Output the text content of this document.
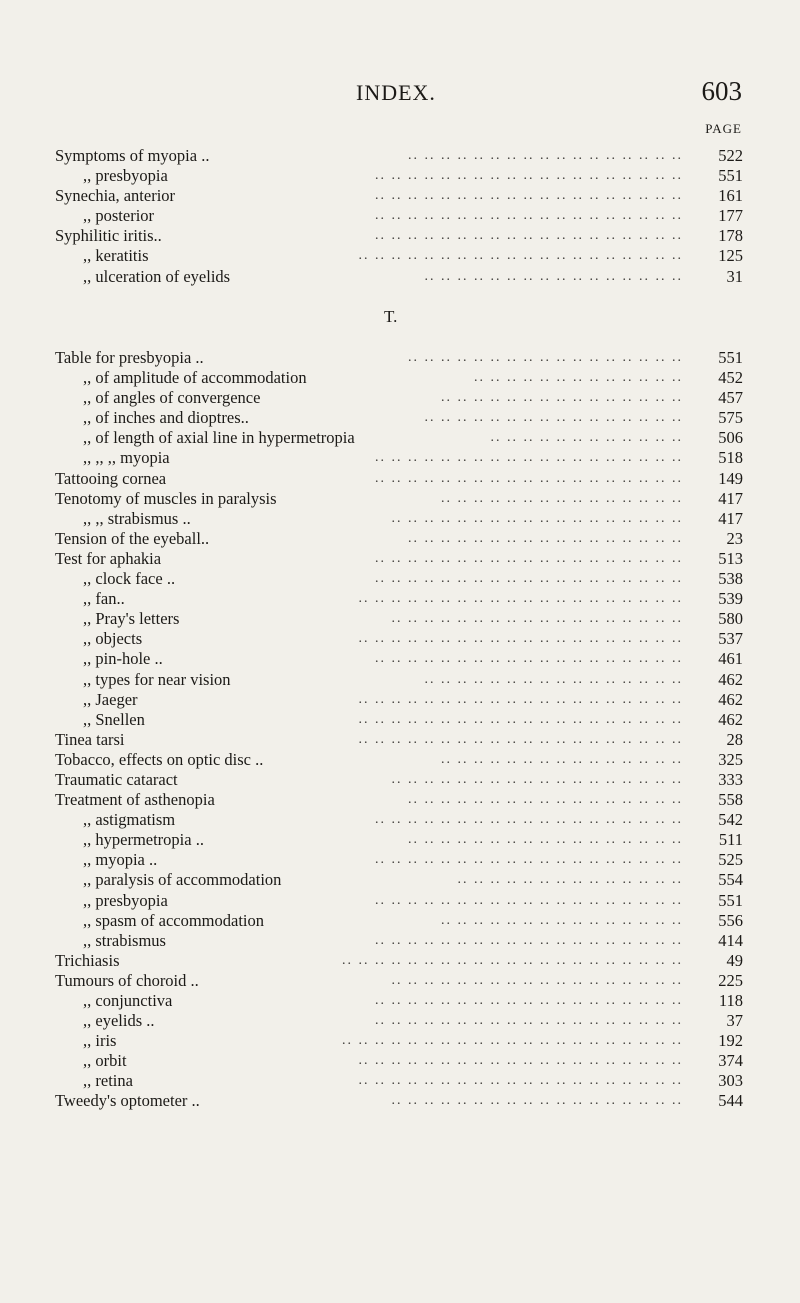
INDEX.	603
PAGE
Symptoms of myopia ..	.. .. .. .. .. .. .. .. .. .. .. .. .. .. .. .. .. 522
,, presbyopia	.. .. .. .. .. .. .. .. .. .. .. .. .. .. .. .. .. .. .. 551
Synechia, anterior	.. .. .. .. .. .. .. .. .. .. .. .. .. .. .. .. .. .. .. 161
,, posterior	.. .. .. .. .. .. .. .. .. .. .. .. .. .. .. .. .. .. .. 177
Syphilitic iritis..	.. .. .. .. .. .. .. .. .. .. .. .. .. .. .. .. .. .. .. 178
,, keratitis	.. .. .. .. .. .. .. .. .. .. .. .. .. .. .. .. .. .. .. .. 125
,, ulceration of eyelids	.. .. .. .. .. .. .. .. .. .. .. .. .. .. .. ..	31
T.
Table for presbyopia ..	.. .. .. .. .. .. .. .. .. .. .. .. .. .. .. .. .. 551
,, of amplitude of accommodation	.. .. .. .. .. .. .. .. .. .. .. .. .. 452
,, of angles of convergence	.. .. .. .. .. .. .. .. .. .. .. .. .. .. .. 457
,, of inches and dioptres..	.. .. .. .. .. .. .. .. .. .. .. .. .. .. .. .. 575
,, of length of axial line in hypermetropia	.. .. .. .. .. .. .. .. .. .. .. .. 506
,, ,, ,, myopia	.. .. .. .. .. .. .. .. .. .. .. .. .. .. .. .. .. .. .. 518
Tattooing cornea	.. .. .. .. .. .. .. .. .. .. .. .. .. .. .. .. .. .. .. 149
Tenotomy of muscles in paralysis	.. .. .. .. .. .. .. .. .. .. .. .. .. .. .. 417
,, ,, strabismus ..	.. .. .. .. .. .. .. .. .. .. .. .. .. .. .. .. .. .. 417
Tension of the eyeball..	.. .. .. .. .. .. .. .. .. .. .. .. .. .. .. .. ..	23
Test for aphakia	.. .. .. .. .. .. .. .. .. .. .. .. .. .. .. .. .. .. .. 513
,, clock face ..	.. .. .. .. .. .. .. .. .. .. .. .. .. .. .. .. .. .. .. 538
,, fan..	.. .. .. .. .. .. .. .. .. .. .. .. .. .. .. .. .. .. .. .. 539
,, Pray's letters	.. .. .. .. .. .. .. .. .. .. .. .. .. .. .. .. .. .. 580
,, objects	.. .. .. .. .. .. .. .. .. .. .. .. .. .. .. .. .. .. .. .. 537
,, pin-hole ..	.. .. .. .. .. .. .. .. .. .. .. .. .. .. .. .. .. .. .. 461
,, types for near vision	.. .. .. .. .. .. .. .. .. .. .. .. .. .. .. .. 462
,, Jaeger	.. .. .. .. .. .. .. .. .. .. .. .. .. .. .. .. .. .. .. .. 462
,, Snellen	.. .. .. .. .. .. .. .. .. .. .. .. .. .. .. .. .. .. .. .. 462
Tinea tarsi	.. .. .. .. .. .. .. .. .. .. .. .. .. .. .. .. .. .. .. ..	28
Tobacco, effects on optic disc ..	.. .. .. .. .. .. .. .. .. .. .. .. .. .. .. 325
Traumatic cataract	.. .. .. .. .. .. .. .. .. .. .. .. .. .. .. .. .. .. 333
Treatment of asthenopia	.. .. .. .. .. .. .. .. .. .. .. .. .. .. .. .. .. 558
,, astigmatism	.. .. .. .. .. .. .. .. .. .. .. .. .. .. .. .. .. .. .. 542
,, hypermetropia ..	.. .. .. .. .. .. .. .. .. .. .. .. .. .. .. .. .. 511
,, myopia ..	.. .. .. .. .. .. .. .. .. .. .. .. .. .. .. .. .. .. .. 525
,, paralysis of accommodation	.. .. .. .. .. .. .. .. .. .. .. .. .. .. 554
,, presbyopia	.. .. .. .. .. .. .. .. .. .. .. .. .. .. .. .. .. .. .. 551
,, spasm of accommodation	.. .. .. .. .. .. .. .. .. .. .. .. .. .. .. 556
,, strabismus	.. .. .. .. .. .. .. .. .. .. .. .. .. .. .. .. .. .. .. 414
Trichiasis	.. .. .. .. .. .. .. .. .. .. .. .. .. .. .. .. .. .. .. .. ..	49
Tumours of choroid ..	.. .. .. .. .. .. .. .. .. .. .. .. .. .. .. .. .. .. 225
,, conjunctiva	.. .. .. .. .. .. .. .. .. .. .. .. .. .. .. .. .. .. .. 118
,, eyelids ..	.. .. .. .. .. .. .. .. .. .. .. .. .. .. .. .. .. .. ..	37
,, iris	.. .. .. .. .. .. .. .. .. .. .. .. .. .. .. .. .. .. .. .. .. 192
,, orbit	.. .. .. .. .. .. .. .. .. .. .. .. .. .. .. .. .. .. .. .. 374
,, retina	.. .. .. .. .. .. .. .. .. .. .. .. .. .. .. .. .. .. .. .. 303
Tweedy's optometer ..	.. .. .. .. .. .. .. .. .. .. .. .. .. .. .. .. .. .. 544
